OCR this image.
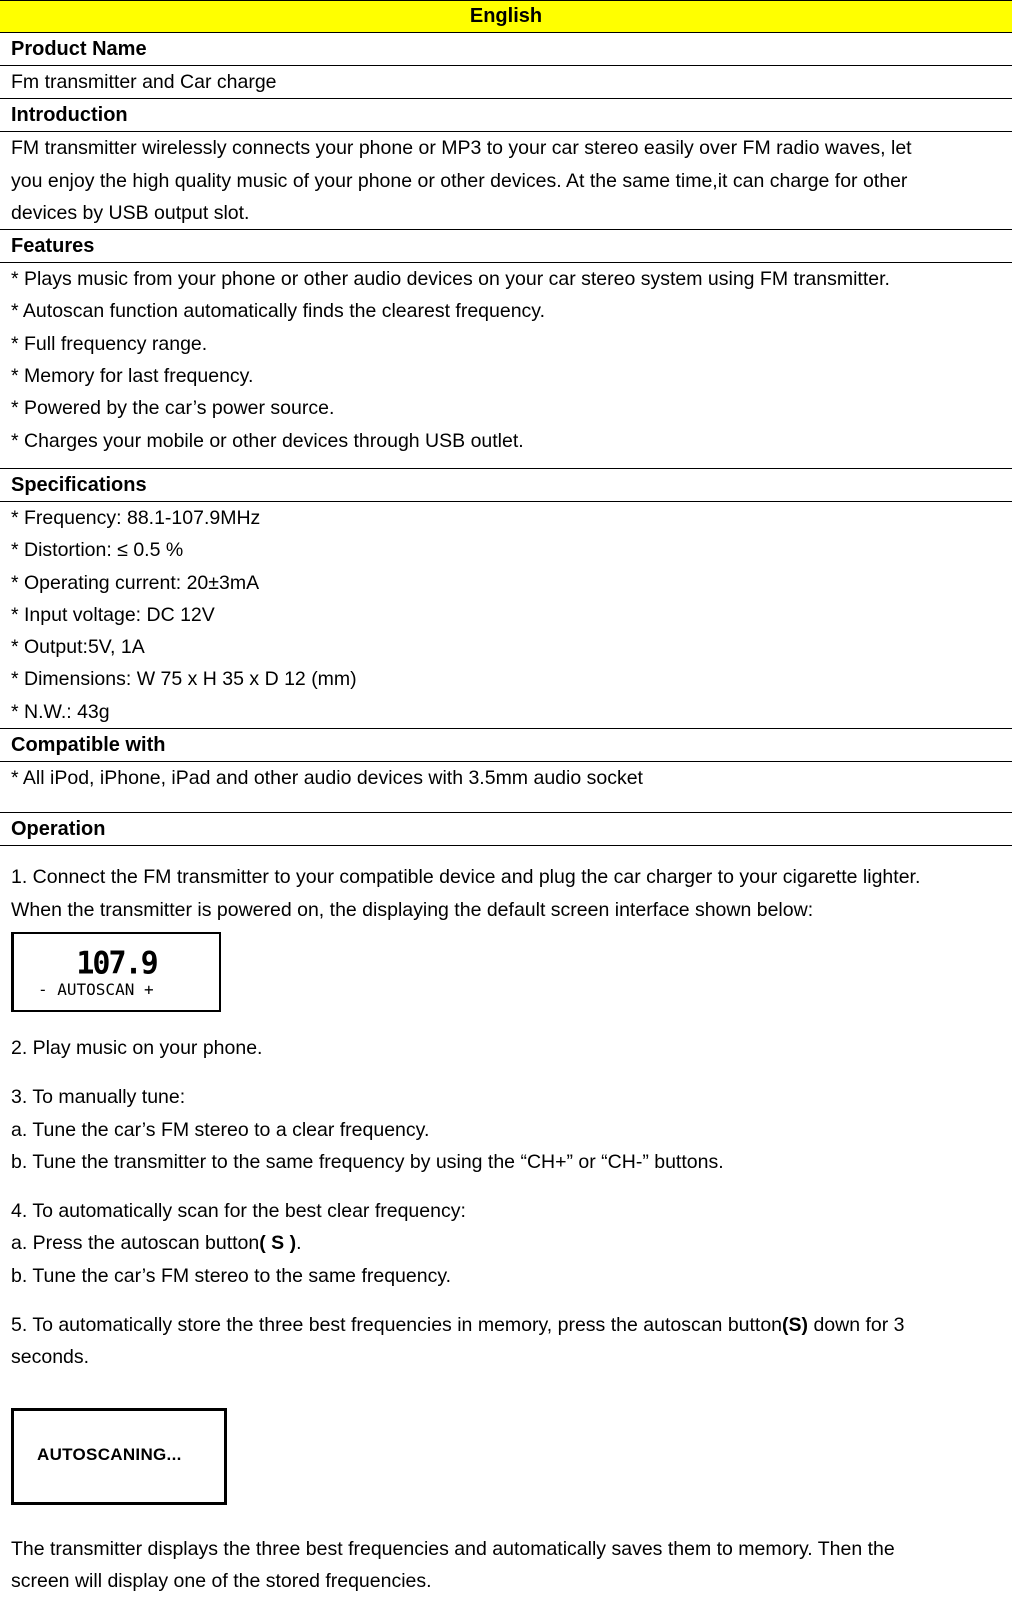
English
Product Name
Fm transmitter and Car charge
Introduction
FM transmitter wirelessly connects your phone or MP3 to your car stereo easily over FM radio waves, let
you enjoy the high quality music of your phone or other devices. At the same time,it can charge for other
devices by USB output slot.
Features
* Plays music from your phone or other audio devices on your car stereo system using FM transmitter.
* Autoscan function automatically finds the clearest frequency.
* Full frequency range.
* Memory for last frequency.
* Powered by the car’s power source.
* Charges your mobile or other devices through USB outlet.
Specifications
* Frequency: 88.1-107.9MHz
* Distortion: ≤ 0.5 %
* Operating current: 20±3mA
* Input voltage: DC 12V
* Output:5V, 1A
* Dimensions: W 75 x H 35 x D 12 (mm)
* N.W.: 43g
Compatible with
* All iPod, iPhone, iPad and other audio devices with 3.5mm audio socket
Operation
1. Connect the FM transmitter to your compatible device and plug the car charger to your cigarette lighter.
When the transmitter is powered on, the displaying the default screen interface shown below:
107.9
- AUTOSCAN +
2. Play music on your phone.
3. To manually tune:
a. Tune the car’s FM stereo to a clear frequency.
b. Tune the transmitter to the same frequency by using the “CH+” or “CH-” buttons.
4. To automatically scan for the best clear frequency:
a. Press the autoscan button( S ).
b. Tune the car’s FM stereo to the same frequency.
5. To automatically store the three best frequencies in memory, press the autoscan button(S) down for 3
seconds.
AUTOSCANING...
The transmitter displays the three best frequencies and automatically saves them to memory. Then the
screen will display one of the stored frequencies.
